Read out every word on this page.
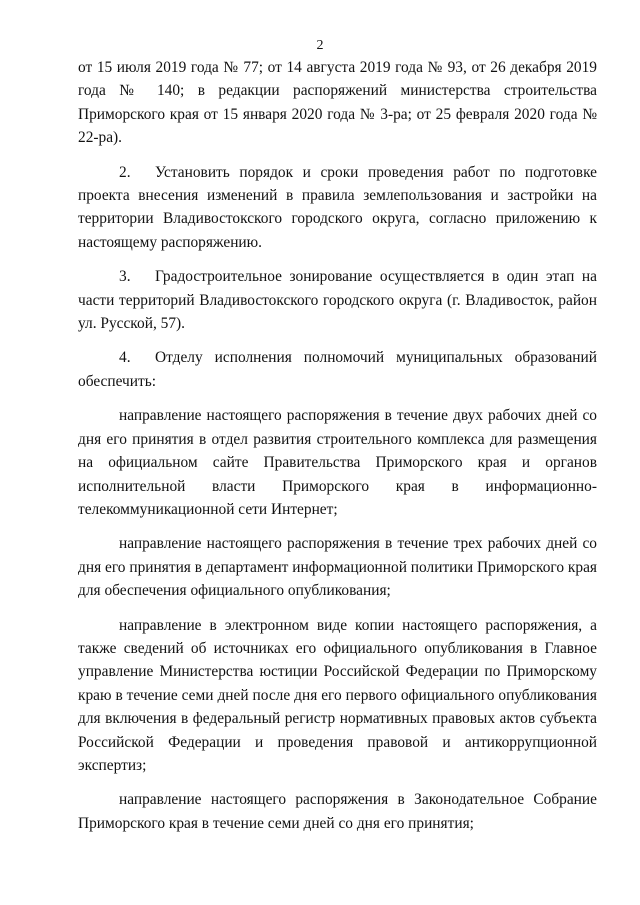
2

от 15 июля 2019 года № 77; от 14 августа 2019 года № 93, от 26 декабря 2019 года № 140; в редакции распоряжений министерства строительства Приморского края от 15 января 2020 года № 3-ра; от 25 февраля 2020 года № 22-ра).

2. Установить порядок и сроки проведения работ по подготовке проекта внесения изменений в правила землепользования и застройки на территории Владивостокского городского округа, согласно приложению к настоящему распоряжению.

3. Градостроительное зонирование осуществляется в один этап на части территорий Владивостокского городского округа (г. Владивосток, район ул. Русской, 57).

4. Отделу исполнения полномочий муниципальных образований обеспечить:

направление настоящего распоряжения в течение двух рабочих дней со дня его принятия в отдел развития строительного комплекса для размещения на официальном сайте Правительства Приморского края и органов исполнительной власти Приморского края в информационно-телекоммуникационной сети Интернет;

направление настоящего распоряжения в течение трех рабочих дней со дня его принятия в департамент информационной политики Приморского края для обеспечения официального опубликования;

направление в электронном виде копии настоящего распоряжения, а также сведений об источниках его официального опубликования в Главное управление Министерства юстиции Российской Федерации по Приморскому краю в течение семи дней после дня его первого официального опубликования для включения в федеральный регистр нормативных правовых актов субъекта Российской Федерации и проведения правовой и антикоррупционной экспертиз;

направление настоящего распоряжения в Законодательное Собрание Приморского края в течение семи дней со дня его принятия;
